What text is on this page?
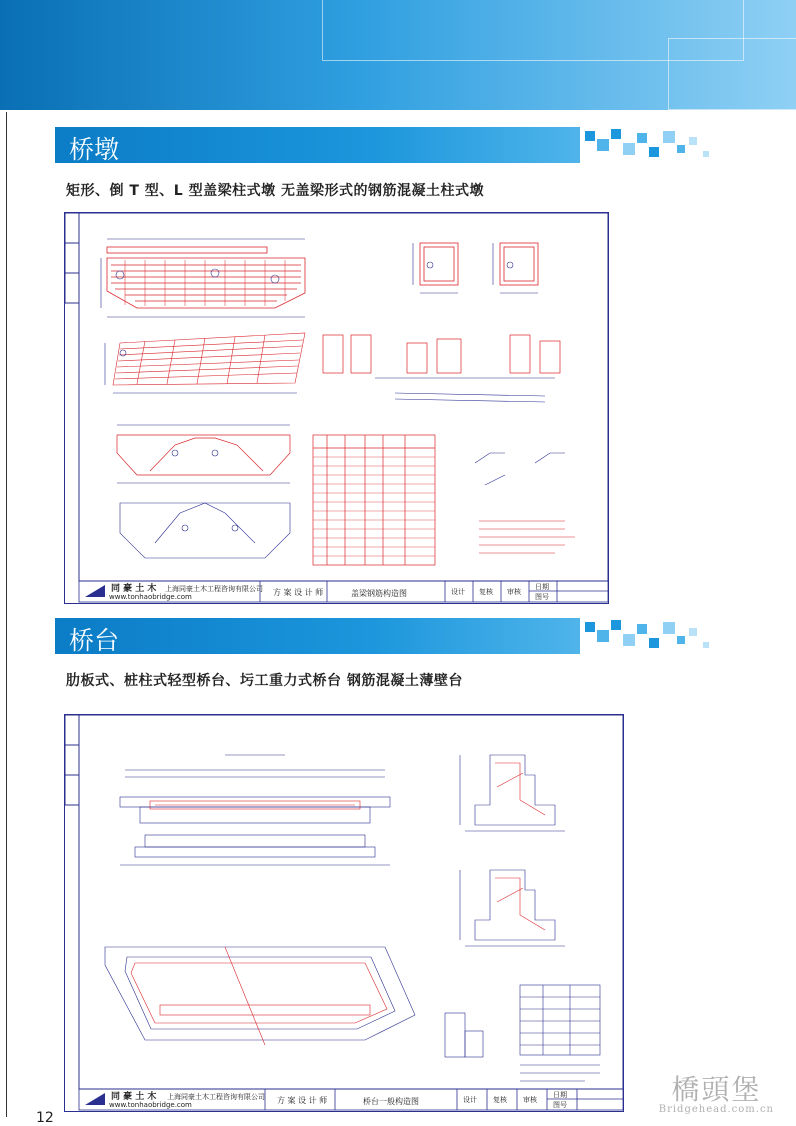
桥墩
矩形、倒 T 型、L 型盖梁柱式墩 无盖梁形式的钢筋混凝土柱式墩
同 豪 土 木
www.tonhaobridge.com
上海同豪土木工程咨询有限公司 方 案 设 计 师	盖梁钢筋构造图	设计 复核 审核
日期
图号
桥台
肋板式、桩柱式轻型桥台、圬工重力式桥台 钢筋混凝土薄壁台
同 豪 土 木
www.tonhaobridge.com
上海同豪土木工程咨询有限公司 方 案 设 计 师	桥台一般构造图	设计 复核 审核
日期
图号
12
橋頭堡
Bridgehead.com.cn
